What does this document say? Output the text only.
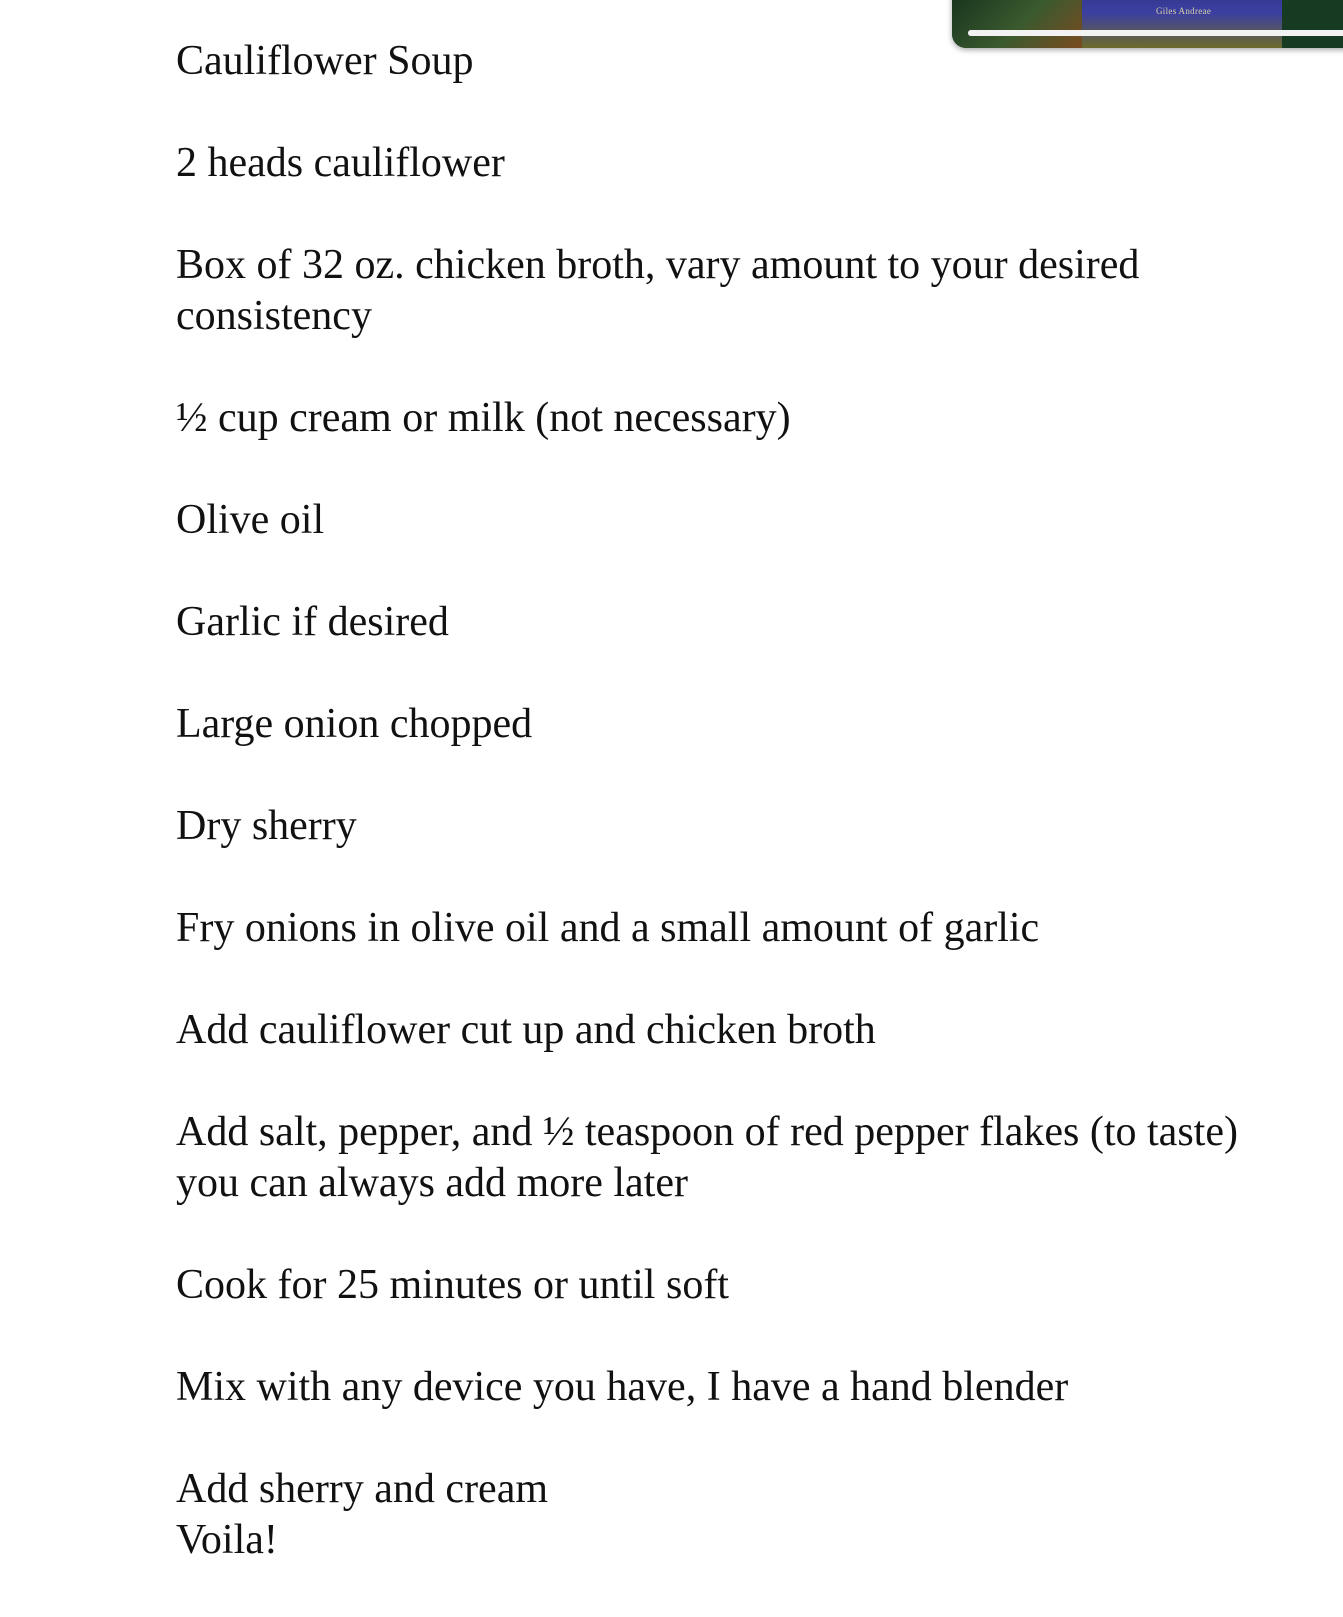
Giles Andreae

Cauliflower Soup

2 heads cauliflower

Box of 32 oz. chicken broth, vary amount to your desired
consistency

½ cup cream or milk (not necessary)

Olive oil

Garlic if desired

Large onion chopped

Dry sherry

Fry onions in olive oil and a small amount of garlic

Add cauliflower cut up and chicken broth

Add salt, pepper, and ½ teaspoon of red pepper flakes (to taste)
you can always add more later

Cook for 25 minutes or until soft

Mix with any device you have, I have a hand blender

Add sherry and cream
Voila!
